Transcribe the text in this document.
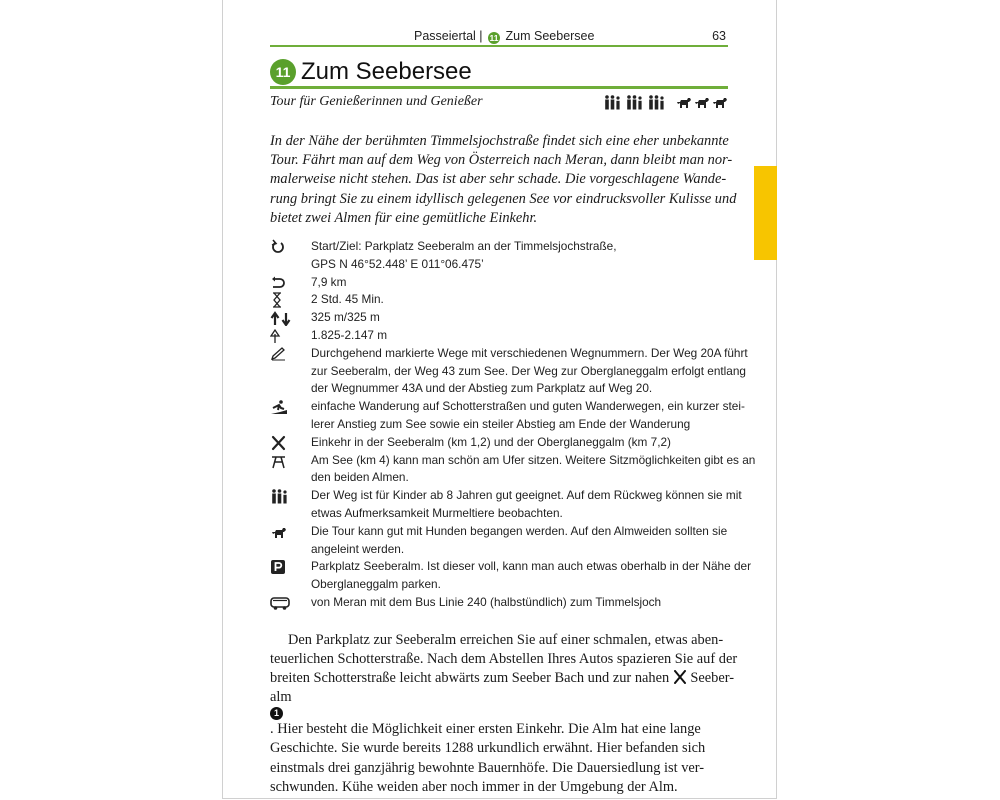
Passeiertal | 11 Zum Seebersee	63
11 Zum Seebersee
Tour für Genießerinnen und Genießer
In der Nähe der berühmten Timmelsjochstraße findet sich eine eher unbekannte
Tour. Fährt man auf dem Weg von Österreich nach Meran, dann bleibt man nor-
malerweise nicht stehen. Das ist aber sehr schade. Die vorgeschlagene Wande-
rung bringt Sie zu einem idyllisch gelegenen See vor eindrucksvoller Kulisse und
bietet zwei Almen für eine gemütliche Einkehr.
Start/Ziel: Parkplatz Seeberalm an der Timmelsjochstraße,
GPS N 46°52.448’ E 011°06.475’
7,9 km
2 Std. 45 Min.
325 m/325 m
1.825-2.147 m
Durchgehend markierte Wege mit verschiedenen Wegnummern. Der Weg 20A führt
zur Seeberalm, der Weg 43 zum See. Der Weg zur Oberglaneggalm erfolgt entlang
der Wegnummer 43A und der Abstieg zum Parkplatz auf Weg 20.
einfache Wanderung auf Schotterstraßen und guten Wanderwegen, ein kurzer stei-
lerer Anstieg zum See sowie ein steiler Abstieg am Ende der Wanderung
Einkehr in der Seeberalm (km 1,2) und der Oberglaneggalm (km 7,2)
Am See (km 4) kann man schön am Ufer sitzen. Weitere Sitzmöglichkeiten gibt es an
den beiden Almen.
Der Weg ist für Kinder ab 8 Jahren gut geeignet. Auf dem Rückweg können sie mit
etwas Aufmerksamkeit Murmeltiere beobachten.
Die Tour kann gut mit Hunden begangen werden. Auf den Almweiden sollten sie
angeleint werden.
Parkplatz Seeberalm. Ist dieser voll, kann man auch etwas oberhalb in der Nähe der
Oberglaneggalm parken.
von Meran mit dem Bus Linie 240 (halbstündlich) zum Timmelsjoch
Den Parkplatz zur Seeberalm erreichen Sie auf einer schmalen, etwas aben-
teuerlichen Schotterstraße. Nach dem Abstellen Ihres Autos spazieren Sie auf der
breiten Schotterstraße leicht abwärts zum Seeber Bach und zur nahen  Seeber-
alm
1
. Hier besteht die Möglichkeit einer ersten Einkehr. Die Alm hat eine lange
Geschichte. Sie wurde bereits 1288 urkundlich erwähnt. Hier befanden sich
einstmals drei ganzjährig bewohnte Bauernhöfe. Die Dauersiedlung ist ver-
schwunden. Kühe weiden aber noch immer in der Umgebung der Alm.
